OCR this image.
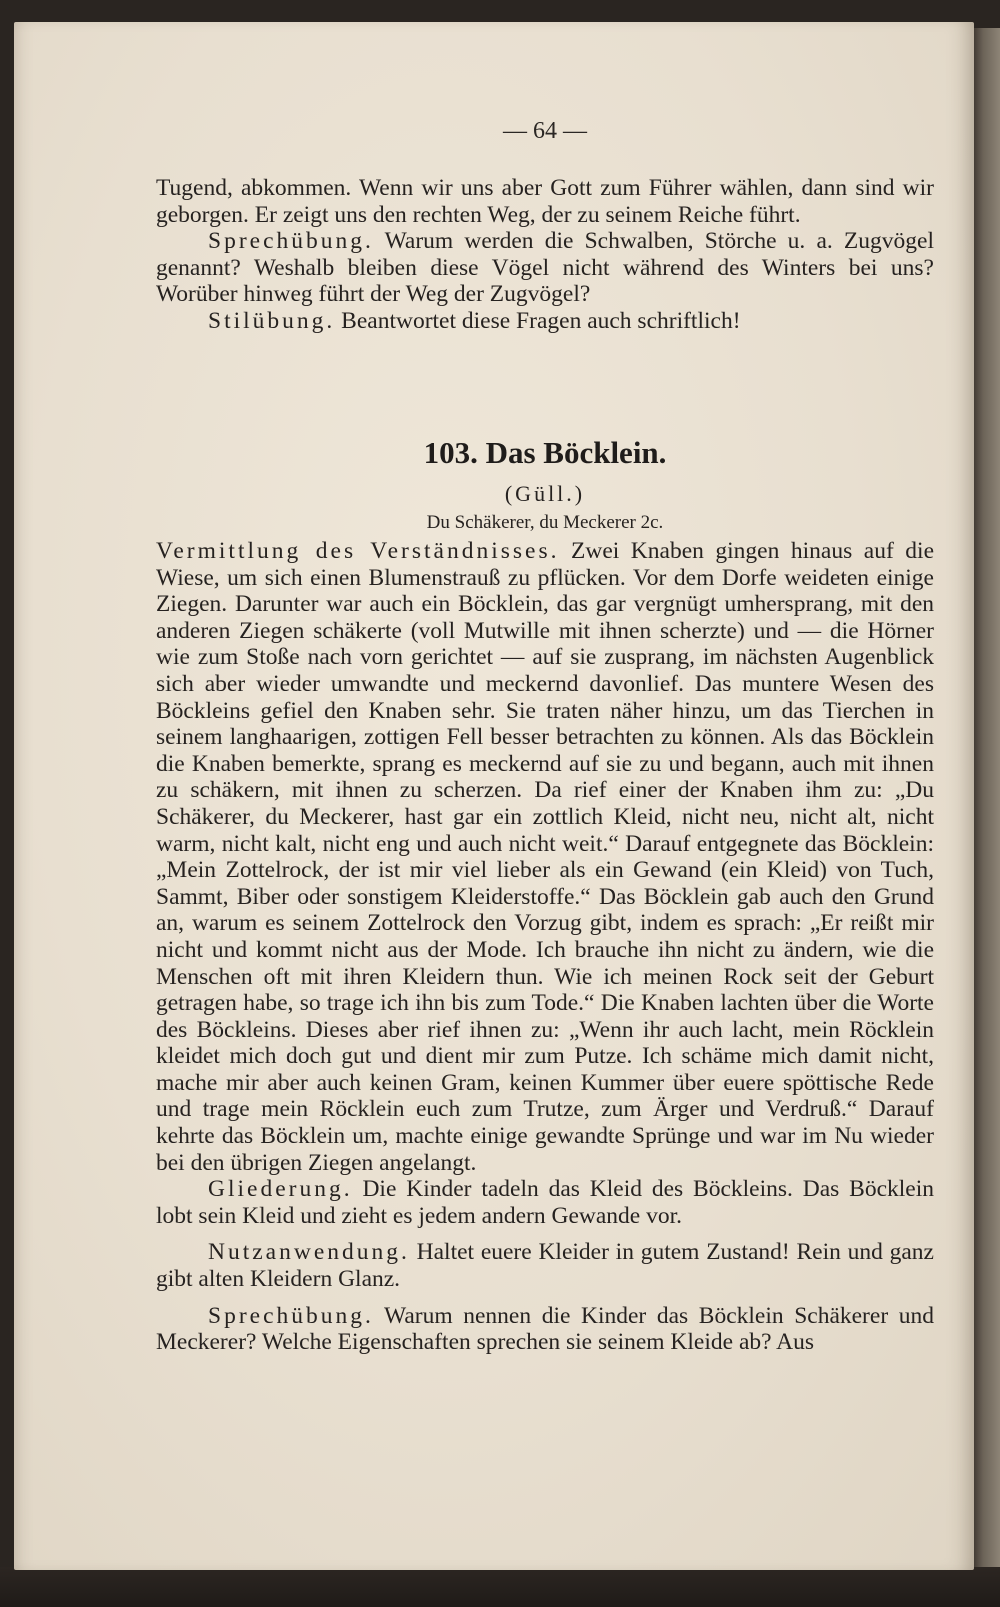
— 64 —

Tugend, abkommen. Wenn wir uns aber Gott zum Führer wählen, dann sind wir geborgen. Er zeigt uns den rechten Weg, der zu seinem Reiche führt.

Sprechübung. Warum werden die Schwalben, Störche u. a. Zugvögel genannt? Weshalb bleiben diese Vögel nicht während des Winters bei uns? Worüber hinweg führt der Weg der Zugvögel?

Stilübung. Beantwortet diese Fragen auch schriftlich!

103. Das Böcklein.
(Güll.)
Du Schäkerer, du Meckerer 2c.

Vermittlung des Verständnisses. Zwei Knaben gingen hinaus auf die Wiese, um sich einen Blumenstrauß zu pflücken. Vor dem Dorfe weideten einige Ziegen. Darunter war auch ein Böcklein, das gar vergnügt umhersprang, mit den anderen Ziegen schäkerte (voll Mutwille mit ihnen scherzte) und — die Hörner wie zum Stoße nach vorn gerichtet — auf sie zusprang, im nächsten Augenblick sich aber wieder umwandte und meckernd davonlief. Das muntere Wesen des Böckleins gefiel den Knaben sehr. Sie traten näher hinzu, um das Tierchen in seinem langhaarigen, zottigen Fell besser betrachten zu können. Als das Böcklein die Knaben bemerkte, sprang es meckernd auf sie zu und begann, auch mit ihnen zu schäkern, mit ihnen zu scherzen. Da rief einer der Knaben ihm zu: „Du Schäkerer, du Meckerer, hast gar ein zottlich Kleid, nicht neu, nicht alt, nicht warm, nicht kalt, nicht eng und auch nicht weit.“ Darauf entgegnete das Böcklein: „Mein Zottelrock, der ist mir viel lieber als ein Gewand (ein Kleid) von Tuch, Sammt, Biber oder sonstigem Kleiderstoffe.“ Das Böcklein gab auch den Grund an, warum es seinem Zottelrock den Vorzug gibt, indem es sprach: „Er reißt mir nicht und kommt nicht aus der Mode. Ich brauche ihn nicht zu ändern, wie die Menschen oft mit ihren Kleidern thun. Wie ich meinen Rock seit der Geburt getragen habe, so trage ich ihn bis zum Tode.“ Die Knaben lachten über die Worte des Böckleins. Dieses aber rief ihnen zu: „Wenn ihr auch lacht, mein Röcklein kleidet mich doch gut und dient mir zum Putze. Ich schäme mich damit nicht, mache mir aber auch keinen Gram, keinen Kummer über euere spöttische Rede und trage mein Röcklein euch zum Trutze, zum Ärger und Verdruß.“ Darauf kehrte das Böcklein um, machte einige gewandte Sprünge und war im Nu wieder bei den übrigen Ziegen angelangt.

Gliederung. Die Kinder tadeln das Kleid des Böckleins. Das Böcklein lobt sein Kleid und zieht es jedem andern Gewande vor.

Nutzanwendung. Haltet euere Kleider in gutem Zustand! Rein und ganz gibt alten Kleidern Glanz.

Sprechübung. Warum nennen die Kinder das Böcklein Schäkerer und Meckerer? Welche Eigenschaften sprechen sie seinem Kleide ab? Aus
